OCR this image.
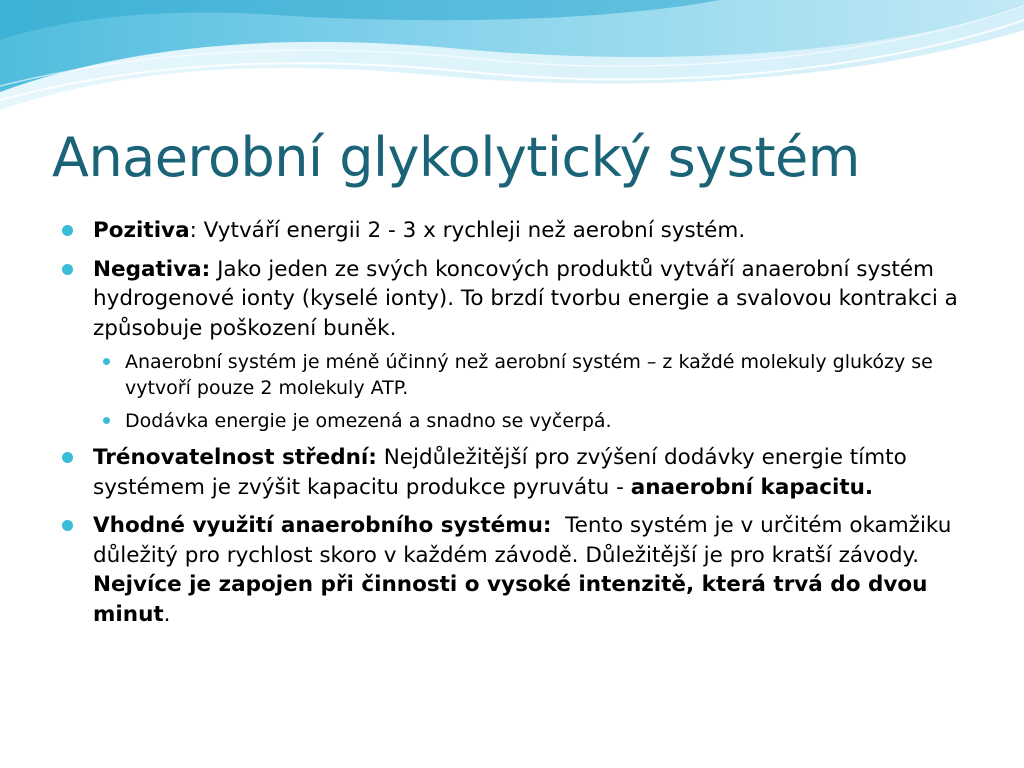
Anaerobní glykolytický systém
Pozitiva: Vytváří energii 2 - 3 x rychleji než aerobní systém.
Negativa: Jako jeden ze svých koncových produktů vytváří anaerobní systém hydrogenové ionty (kyselé ionty). To brzdí tvorbu energie a svalovou kontrakci a způsobuje poškození buněk.
Anaerobní systém je méně účinný než aerobní systém – z každé molekuly glukózy se vytvoří pouze 2 molekuly ATP.
Dodávka energie je omezená a snadno se vyčerpá.
Trénovatelnost střední: Nejdůležitější pro zvýšení dodávky energie tímto systémem je zvýšit kapacitu produkce pyruvátu - anaerobní kapacitu.
Vhodné využití anaerobního systému:  Tento systém je v určitém okamžiku důležitý pro rychlost skoro v každém závodě. Důležitější je pro kratší závody. Nejvíce je zapojen při činnosti o vysoké intenzitě, která trvá do dvou minut.
